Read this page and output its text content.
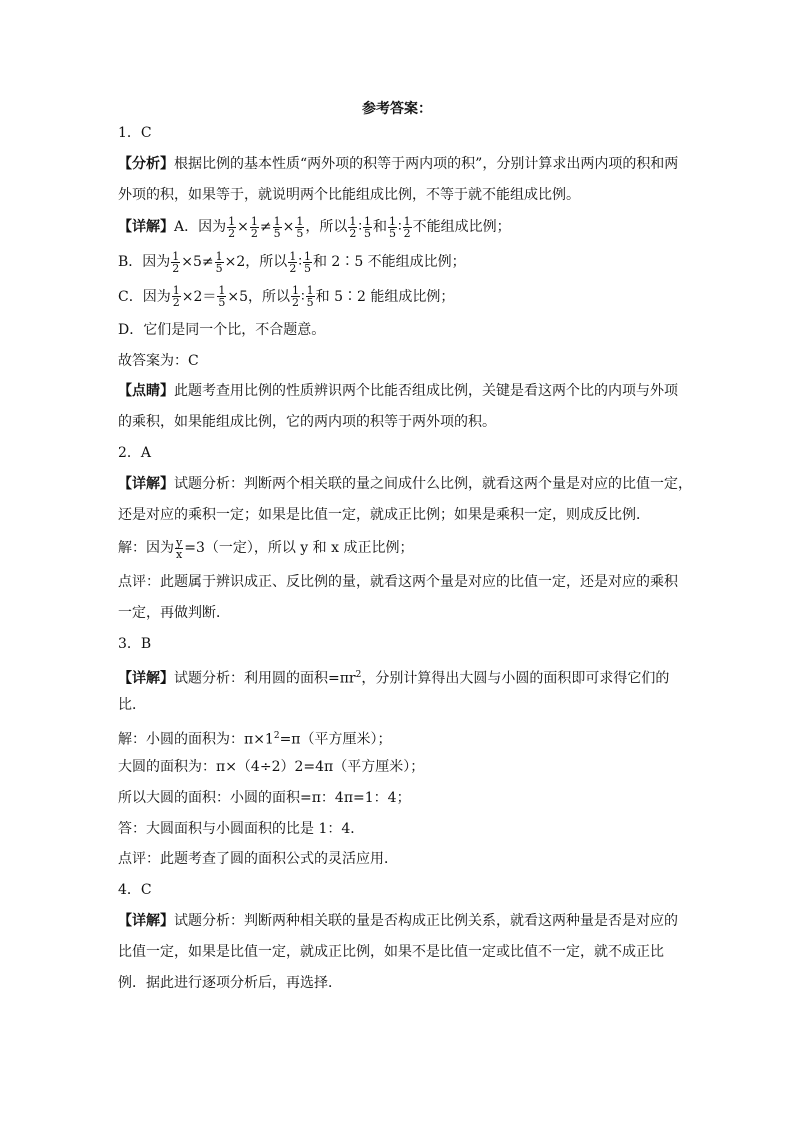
参考答案：
1．C
【分析】根据比例的基本性质“两外项的积等于两内项的积”，分别计算求出两内项的积和两
外项的积，如果等于，就说明两个比能组成比例，不等于就不能组成比例。
【详解】A．因为 $\frac{1}{2} \times \frac{1}{2} \ne \frac{1}{5} \times \frac{1}{5}$ ，所以 $\frac{1}{2}$ ∶ $\frac{1}{5}$ 和 $\frac{1}{5}$ ∶ $\frac{1}{2}$ 不能组成比例；
B．因为 $\frac{1}{2} \times 5\ne \frac{1}{5} \times 2$，所以 $\frac{1}{2}$ ∶ $\frac{1}{5}$ 和 2∶5 不能组成比例；
C．因为 $\frac{1}{2} \times 2= \frac{1}{5} \times 5$，所以 $\frac{1}{2}$ ∶ $\frac{1}{5}$ 和 5∶2 能组成比例；
D．它们是同一个比，不合题意。
故答案为：C
【点睛】此题考查用比例的性质辨识两个比能否组成比例，关键是看这两个比的内项与外项
的乘积，如果能组成比例，它的两内项的积等于两外项的积。
2．A
【详解】试题分析：判断两个相关联的量之间成什么比例，就看这两个量是对应的比值一定，
还是对应的乘积一定；如果是比值一定，就成正比例；如果是乘积一定，则成反比例．
解：因为 $\frac{y}{x} =3$（一定），所以 y 和 x 成正比例；
点评：此题属于辨识成正、反比例的量，就看这两个量是对应的比值一定，还是对应的乘积
一定，再做判断．
3．B
【详解】试题分析：利用圆的面积$=\pi r^2$，分别计算得出大圆与小圆的面积即可求得它们的
比．
解：小圆的面积为：$\pi\times 1^2=\pi$（平方厘米）；
大圆的面积为：π×（4÷2）2=4π（平方厘米）；
所以大圆的面积：小圆的面积=π：4π=1：4；
答：大圆面积与小圆面积的比是 1：4．
点评：此题考查了圆的面积公式的灵活应用．
4．C
【详解】试题分析：判断两种相关联的量是否构成正比例关系，就看这两种量是否是对应的
比值一定，如果是比值一定，就成正比例，如果不是比值一定或比值不一定，就不成正比
例．据此进行逐项分析后，再选择．
